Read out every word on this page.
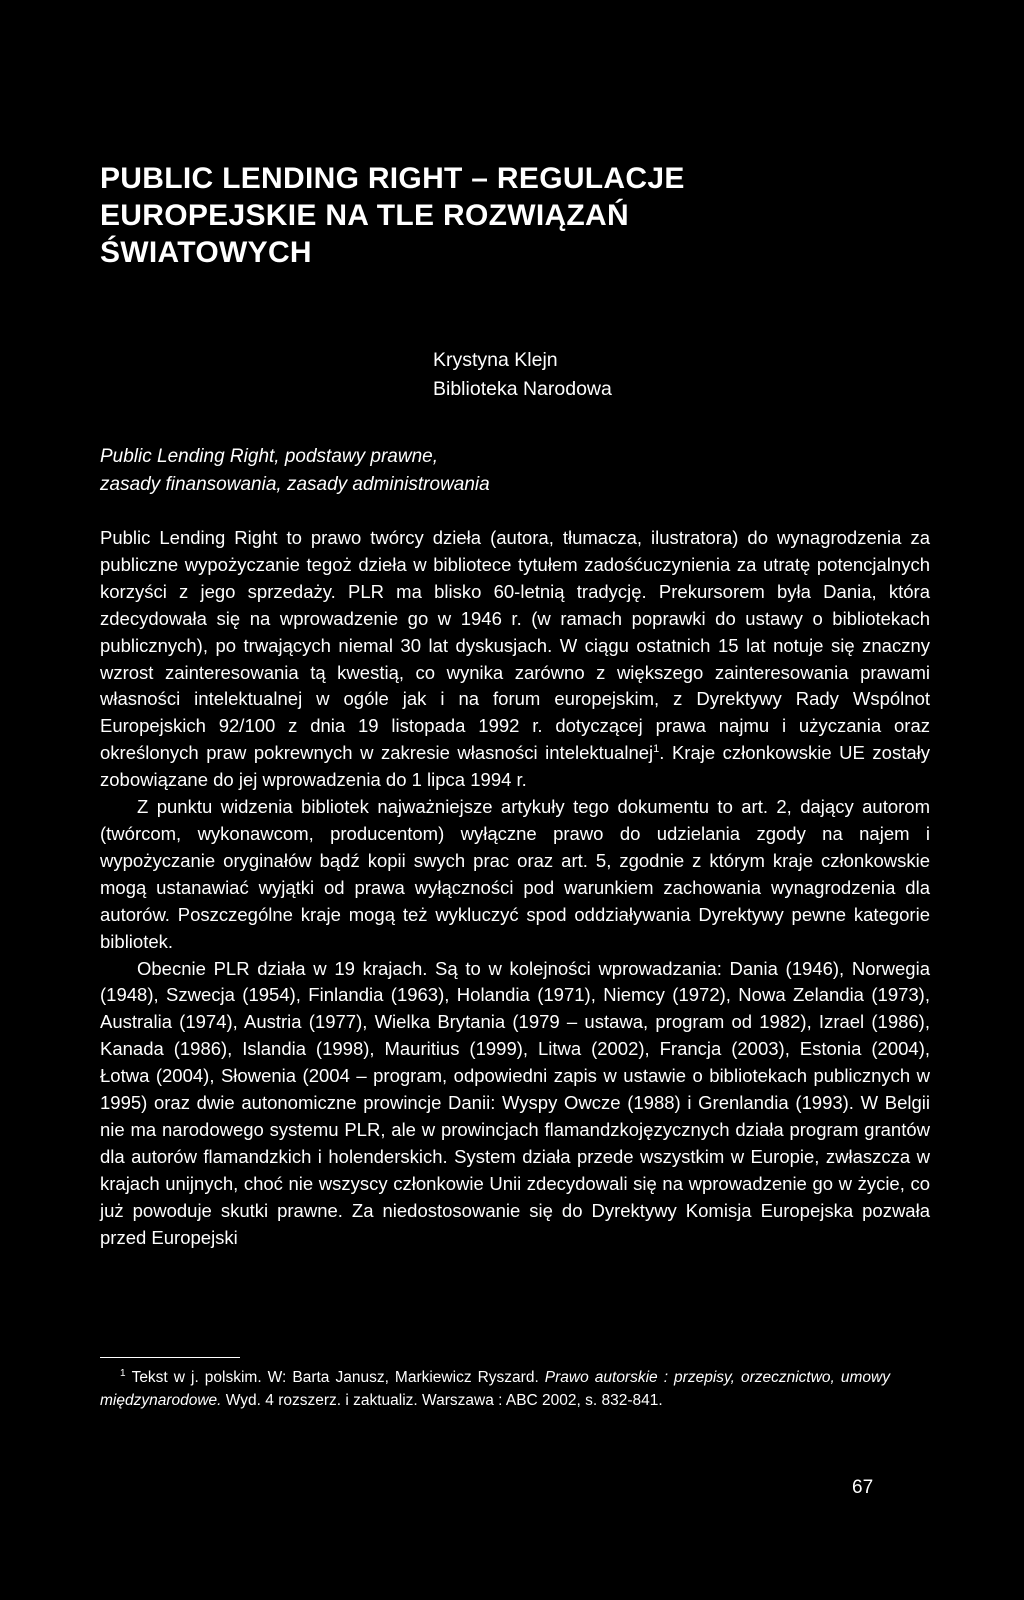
PUBLIC LENDING RIGHT – REGULACJE
EUROPEJSKIE NA TLE ROZWIĄZAŃ
ŚWIATOWYCH
Krystyna Klejn
Biblioteka Narodowa
Public Lending Right, podstawy prawne,
zasady finansowania, zasady administrowania

Public Lending Right to prawo twórcy dzieła (autora, tłumacza, ilustratora) do wynagrodzenia za publiczne wypożyczanie tegoż dzieła w bibliotece tytułem zadośćuczynienia za utratę potencjalnych korzyści z jego sprzedaży. PLR ma blisko 60-letnią tradycję. Prekursorem była Dania, która zdecydowała się na wprowadzenie go w 1946 r. (w ramach poprawki do ustawy o bibliotekach publicznych), po trwających niemal 30 lat dyskusjach. W ciągu ostatnich 15 lat notuje się znaczny wzrost zainteresowania tą kwestią, co wynika zarówno z większego zainteresowania prawami własności intelektualnej w ogóle jak i na forum europejskim, z Dyrektywy Rady Wspólnot Europejskich 92/100 z dnia 19 listopada 1992 r. dotyczącej prawa najmu i użyczania oraz określonych praw pokrewnych w zakresie własności intelektualnej$^1$. Kraje członkowskie UE zostały zobowiązane do jej wprowadzenia do 1 lipca 1994 r.

Z punktu widzenia bibliotek najważniejsze artykuły tego dokumentu to art. 2, dający autorom (twórcom, wykonawcom, producentom) wyłączne prawo do udzielania zgody na najem i wypożyczanie oryginałów bądź kopii swych prac oraz art. 5, zgodnie z którym kraje członkowskie mogą ustanawiać wyjątki od prawa wyłączności pod warunkiem zachowania wynagrodzenia dla autorów. Poszczególne kraje mogą też wykluczyć spod oddziaływania Dyrektywy pewne kategorie bibliotek.

Obecnie PLR działa w 19 krajach. Są to w kolejności wprowadzania: Dania (1946), Norwegia (1948), Szwecja (1954), Finlandia (1963), Holandia (1971), Niemcy (1972), Nowa Zelandia (1973), Australia (1974), Austria (1977), Wielka Brytania (1979 – ustawa, program od 1982), Izrael (1986), Kanada (1986), Islandia (1998), Mauritius (1999), Litwa (2002), Francja (2003), Estonia (2004), Łotwa (2004), Słowenia (2004 – program, odpowiedni zapis w ustawie o bibliotekach publicznych w 1995) oraz dwie autonomiczne prowincje Danii: Wyspy Owcze (1988) i Grenlandia (1993). W Belgii nie ma narodowego systemu PLR, ale w prowincjach flamandzkojęzycznych działa program grantów dla autorów flamandzkich i holenderskich. System działa przede wszystkim w Europie, zwłaszcza w krajach unijnych, choć nie wszyscy członkowie Unii zdecydowali się na wprowadzenie go w życie, co już powoduje skutki prawne. Za niedostosowanie się do Dyrektywy Komisja Europejska pozwała przed Europejski

$^1$ Tekst w j. polskim. W: Barta Janusz, Markiewicz Ryszard. Prawo autorskie : przepisy, orzecznictwo, umowy międzynarodowe. Wyd. 4 rozszerz. i zaktualiz. Warszawa : ABC 2002, s. 832-841.

67
